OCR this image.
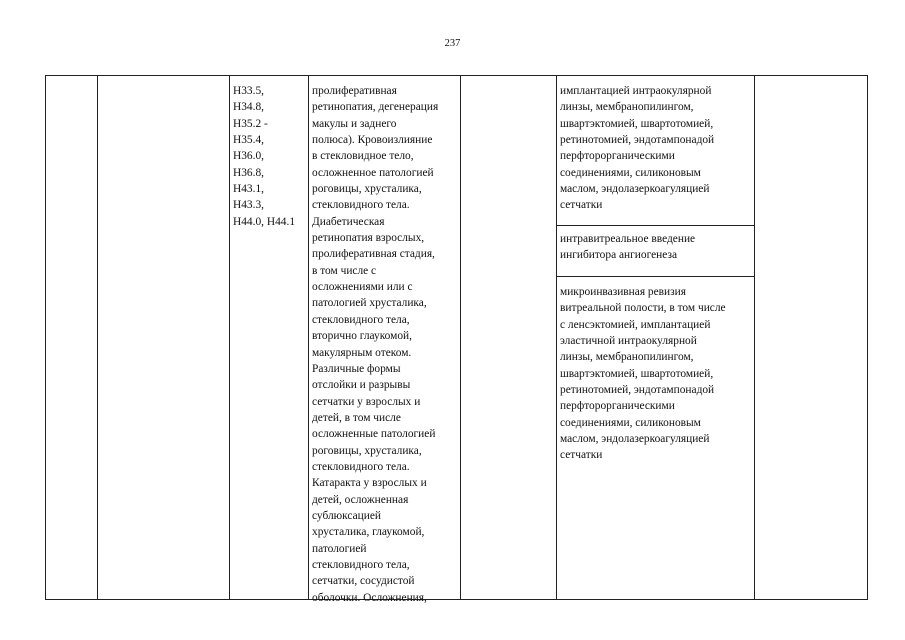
237
H33.5,
H34.8,
H35.2 -
H35.4,
H36.0,
H36.8,
H43.1,
H43.3,
H44.0, H44.1
пролиферативная
ретинопатия, дегенерация
макулы и заднего
полюса). Кровоизлияние
в стекловидное тело,
осложненное патологией
роговицы, хрусталика,
стекловидного тела.
Диабетическая
ретинопатия взрослых,
пролиферативная стадия,
в том числе с
осложнениями или с
патологией хрусталика,
стекловидного тела,
вторично глаукомой,
макулярным отеком.
Различные формы
отслойки и разрывы
сетчатки у взрослых и
детей, в том числе
осложненные патологией
роговицы, хрусталика,
стекловидного тела.
Катаракта у взрослых и
детей, осложненная
сублюксацией
хрусталика, глаукомой,
патологией
стекловидного тела,
сетчатки, сосудистой
оболочки. Осложнения,
имплантацией интраокулярной
линзы, мембранопилингом,
швартэктомией, швартотомией,
ретинотомией, эндотампонадой
перфторорганическими
соединениями, силиконовым
маслом, эндолазеркоагуляцией
сетчатки
интравитреальное введение
ингибитора ангиогенеза
микроинвазивная ревизия
витреальной полости, в том числе
с ленсэктомией, имплантацией
эластичной интраокулярной
линзы, мембранопилингом,
швартэктомией, швартотомией,
ретинотомией, эндотампонадой
перфторорганическими
соединениями, силиконовым
маслом, эндолазеркоагуляцией
сетчатки
